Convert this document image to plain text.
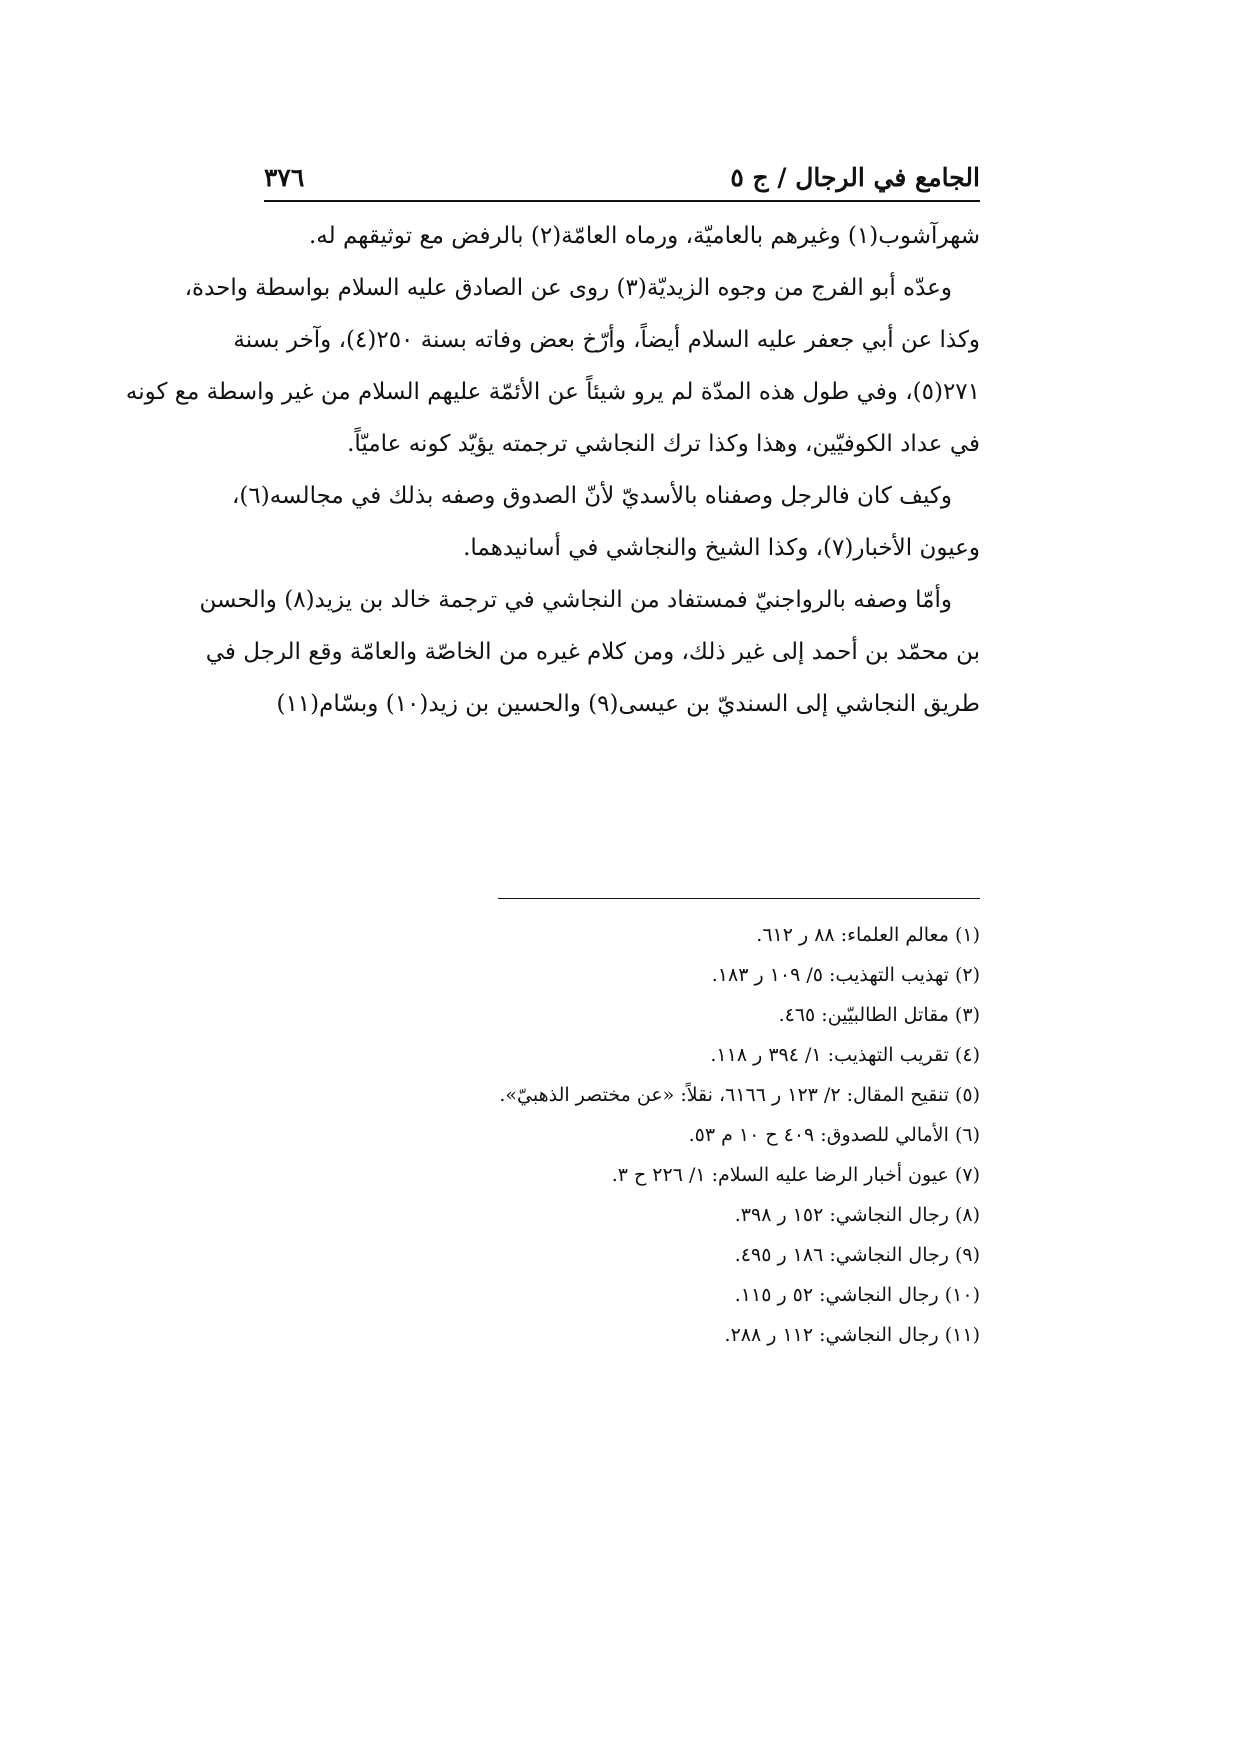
الجامع في الرجال / ج ٥
٣٧٦
شهرآشوب(١) وغيرهم بالعاميّة، ورماه العامّة(٢) بالرفض مع توثيقهم له.
وعدّه أبو الفرج من وجوه الزيديّة(٣) روى عن الصادق عليه السلام بواسطة واحدة،
وكذا عن أبي جعفر عليه السلام أيضاً، وأرّخ بعض وفاته بسنة ٢٥٠(٤)، وآخر بسنة
٢٧١(٥)، وفي طول هذه المدّة لم يرو شيئاً عن الأئمّة عليهم السلام من غير واسطة مع كونه
في عداد الكوفيّين، وهذا وكذا ترك النجاشي ترجمته يؤيّد كونه عاميّاً.
وكيف كان فالرجل وصفناه بالأسديّ لأنّ الصدوق وصفه بذلك في مجالسه(٦)،
وعيون الأخبار(٧)، وكذا الشيخ والنجاشي في أسانيدهما.
وأمّا وصفه بالرواجنيّ فمستفاد من النجاشي في ترجمة خالد بن يزيد(٨) والحسن
بن محمّد بن أحمد إلى غير ذلك، ومن كلام غيره من الخاصّة والعامّة وقع الرجل في
طريق النجاشي إلى السنديّ بن عيسى(٩) والحسين بن زيد(١٠) وبسّام(١١)
(١) معالم العلماء: ٨٨ ر ٦١٢.
(٢) تهذيب التهذيب: ٥/ ١٠٩ ر ١٨٣.
(٣) مقاتل الطالبيّين: ٤٦٥.
(٤) تقريب التهذيب: ١/ ٣٩٤ ر ١١٨.
(٥) تنقيح المقال: ٢/ ١٢٣ ر ٦١٦٦، نقلاً: «عن مختصر الذهبيّ».
(٦) الأمالي للصدوق: ٤٠٩ ح ١٠ م ٥٣.
(٧) عيون أخبار الرضا عليه السلام: ١/ ٢٢٦ ح ٣.
(٨) رجال النجاشي: ١٥٢ ر ٣٩٨.
(٩) رجال النجاشي: ١٨٦ ر ٤٩٥.
(١٠) رجال النجاشي: ٥٢ ر ١١٥.
(١١) رجال النجاشي: ١١٢ ر ٢٨٨.
